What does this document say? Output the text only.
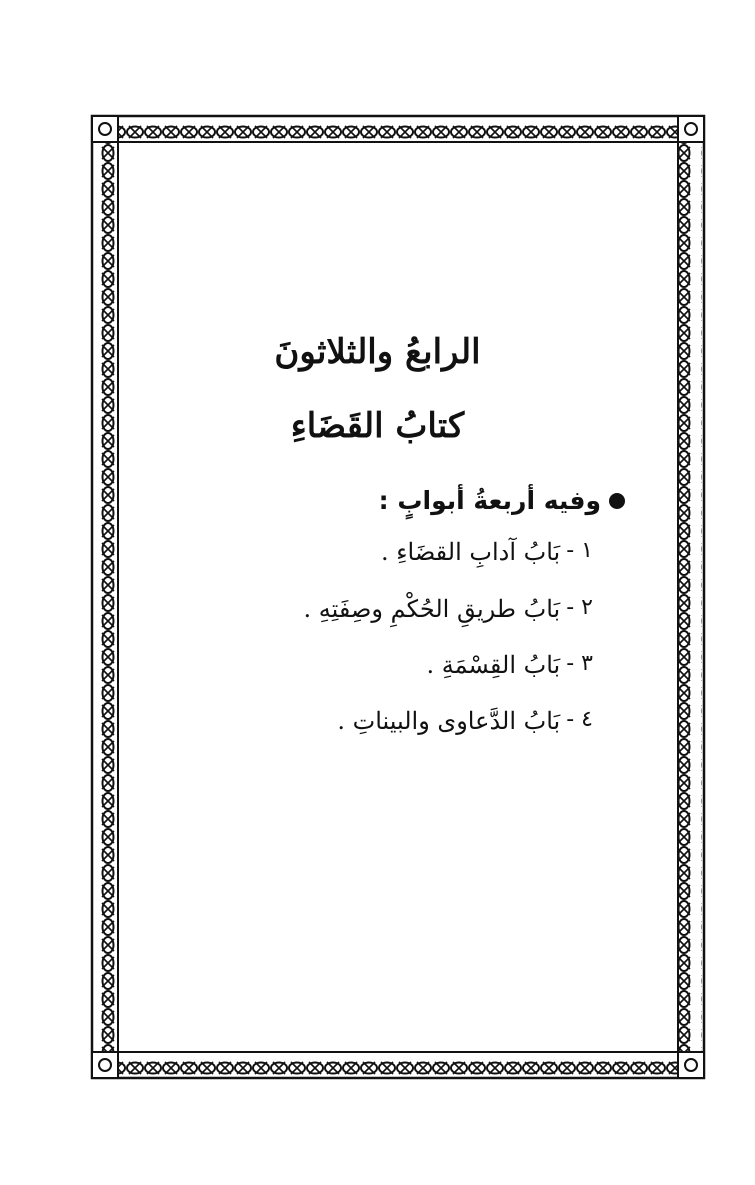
الرابعُ والثلاثونَ
كتابُ القَضَاءِ
وفيه أربعةُ أبوابٍ :
١ -
بَابُ آدابِ القضَاءِ .
٢ -
بَابُ طريقِ الحُكْمِ وصِفَتِهِ .
٣ -
بَابُ القِسْمَةِ .
٤ -
بَابُ الدَّعاوى والبيناتِ .
